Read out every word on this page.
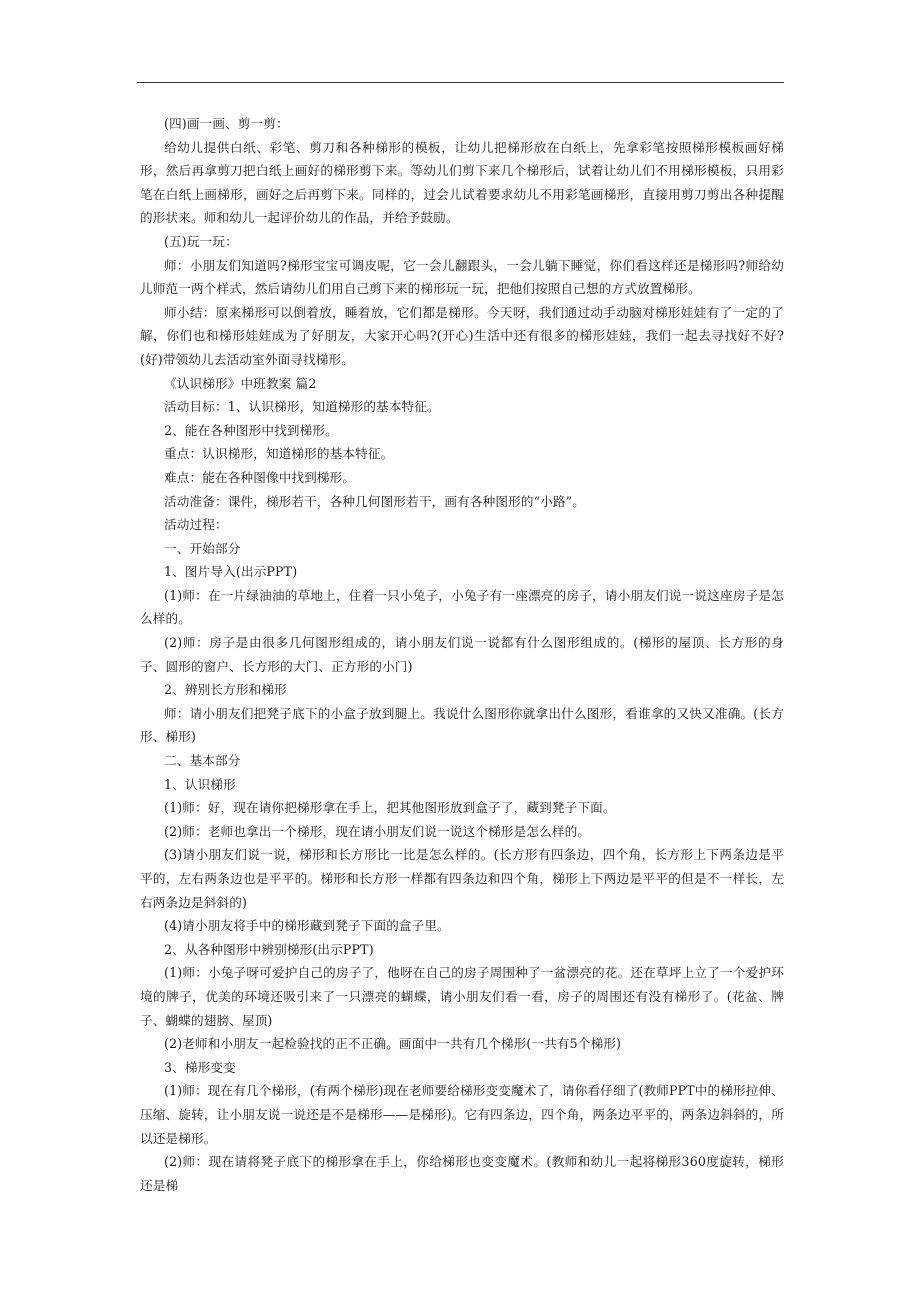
(四)画一画、剪一剪：

给幼儿提供白纸、彩笔、剪刀和各种梯形的模板，让幼儿把梯形放在白纸上，先拿彩笔按照梯形模板画好梯形，然后再拿剪刀把白纸上画好的梯形剪下来。等幼儿们剪下来几个梯形后，试着让幼儿们不用梯形模板，只用彩笔在白纸上画梯形，画好之后再剪下来。同样的，过会儿试着要求幼儿不用彩笔画梯形，直接用剪刀剪出各种提醒的形状来。师和幼儿一起评价幼儿的作品，并给予鼓励。

(五)玩一玩：

师：小朋友们知道吗?梯形宝宝可调皮呢，它一会儿翻跟头，一会儿躺下睡觉，你们看这样还是梯形吗?师给幼儿师范一两个样式，然后请幼儿们用自己剪下来的梯形玩一玩，把他们按照自己想的方式放置梯形。

师小结：原来梯形可以倒着放，睡着放，它们都是梯形。今天呀，我们通过动手动脑对梯形娃娃有了一定的了解，你们也和梯形娃娃成为了好朋友，大家开心吗?(开心)生活中还有很多的梯形娃娃，我们一起去寻找好不好?(好)带领幼儿去活动室外面寻找梯形。

《认识梯形》中班教案 篇2

活动目标：1、认识梯形，知道梯形的基本特征。

2、能在各种图形中找到梯形。

重点：认识梯形，知道梯形的基本特征。

难点：能在各种图像中找到梯形。

活动准备：课件，梯形若干，各种几何图形若干，画有各种图形的“小路”。

活动过程：

一、开始部分

1、图片导入(出示PPT)

(1)师：在一片绿油油的草地上，住着一只小兔子，小兔子有一座漂亮的房子，请小朋友们说一说这座房子是怎么样的。

(2)师：房子是由很多几何图形组成的，请小朋友们说一说都有什么图形组成的。(梯形的屋顶、长方形的身子、圆形的窗户、长方形的大门、正方形的小门)

2、辨别长方形和梯形

师：请小朋友们把凳子底下的小盒子放到腿上。我说什么图形你就拿出什么图形，看谁拿的又快又准确。(长方形、梯形)

二、基本部分

1、认识梯形

(1)师：好，现在请你把梯形拿在手上，把其他图形放到盒子了，藏到凳子下面。

(2)师：老师也拿出一个梯形，现在请小朋友们说一说这个梯形是怎么样的。

(3)请小朋友们说一说，梯形和长方形比一比是怎么样的。(长方形有四条边，四个角，长方形上下两条边是平平的，左右两条边也是平平的。梯形和长方形一样都有四条边和四个角，梯形上下两边是平平的但是不一样长，左右两条边是斜斜的)

(4)请小朋友将手中的梯形藏到凳子下面的盒子里。

2、从各种图形中辨别梯形(出示PPT)

(1)师：小兔子呀可爱护自己的房子了，他呀在自己的房子周围种了一盆漂亮的花。还在草坪上立了一个爱护环境的牌子，优美的环境还吸引来了一只漂亮的蝴蝶，请小朋友们看一看，房子的周围还有没有梯形了。(花盆、牌子、蝴蝶的翅膀、屋顶)

(2)老师和小朋友一起检验找的正不正确。画面中一共有几个梯形(一共有5个梯形)

3、梯形变变

(1)师：现在有几个梯形，(有两个梯形)现在老师要给梯形变变魔术了，请你看仔细了(教师PPT中的梯形拉伸、压缩、旋转，让小朋友说一说还是不是梯形——是梯形)。它有四条边，四个角，两条边平平的，两条边斜斜的，所以还是梯形。

(2)师：现在请将凳子底下的梯形拿在手上，你给梯形也变变魔术。(教师和幼儿一起将梯形360度旋转，梯形还是梯
